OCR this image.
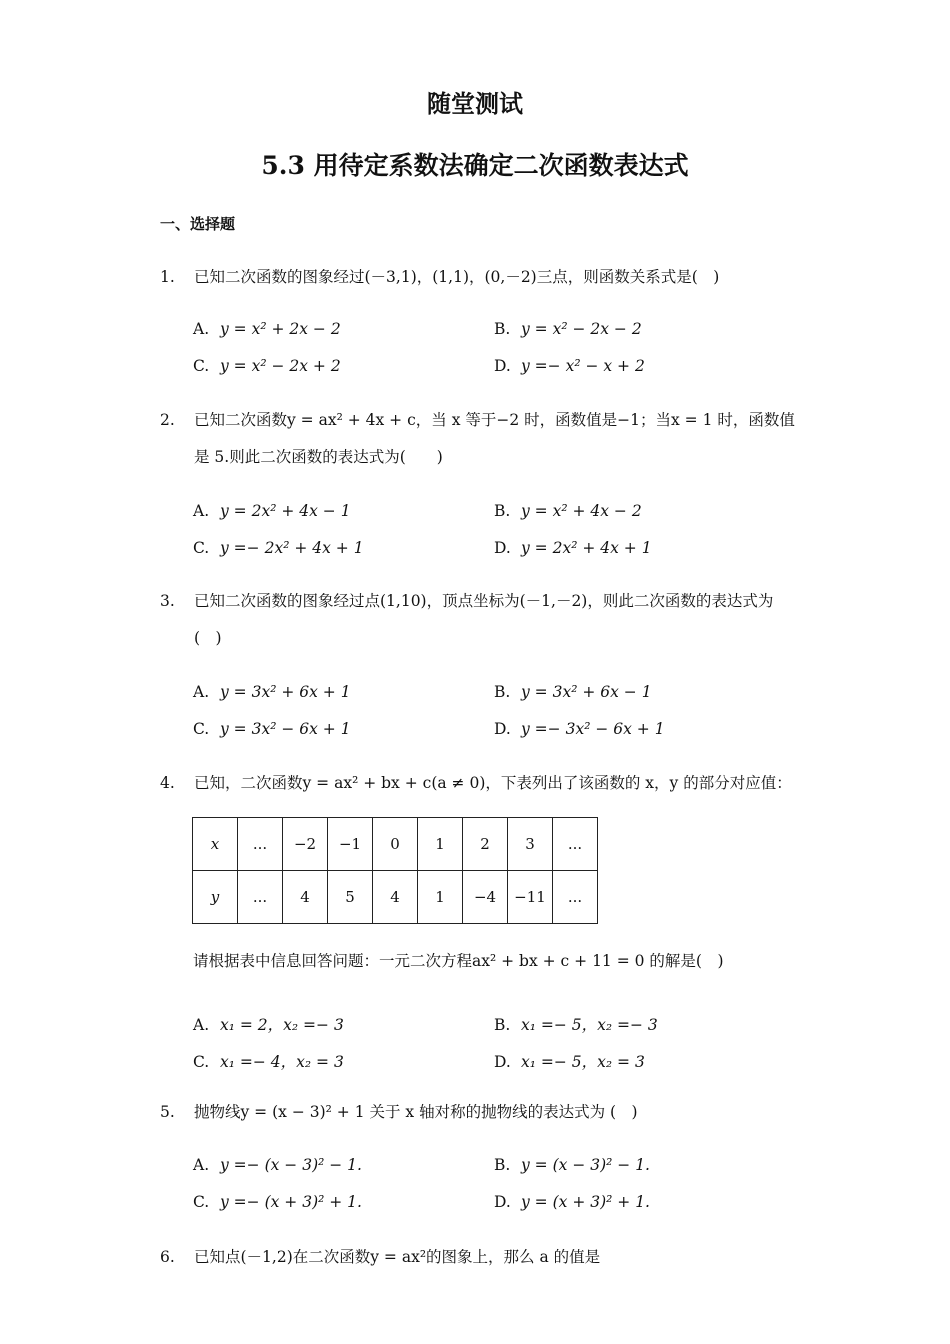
随堂测试
5.3 用待定系数法确定二次函数表达式
一、选择题
1. 已知二次函数的图象经过(－3,1)，(1,1)，(0,－2)三点，则函数关系式是(　)
A. y = x² + 2x − 2	B. y = x² − 2x − 2
C. y = x² − 2x + 2	D. y =− x² − x + 2
2. 已知二次函数y = ax² + 4x + c，当 x 等于−2 时，函数值是−1；当x = 1 时，函数值是 5.则此二次函数的表达式为(　　)
A. y = 2x² + 4x − 1	B. y = x² + 4x − 2
C. y =− 2x² + 4x + 1	D. y = 2x² + 4x + 1
3. 已知二次函数的图象经过点(1,10)，顶点坐标为(－1,－2)，则此二次函数的表达式为(　)
A. y = 3x² + 6x + 1	B. y = 3x² + 6x − 1
C. y = 3x² − 6x + 1	D. y =− 3x² − 6x + 1
4. 已知，二次函数y = ax² + bx + c(a ≠ 0)，下表列出了该函数的 x，y 的部分对应值：
x	...	−2	−1	0	1	2	3	...
y	...	4	5	4	1	−4	−11	...
请根据表中信息回答问题：一元二次方程ax² + bx + c + 11 = 0 的解是(　)
A. x₁ = 2，x₂ =− 3	B. x₁ =− 5，x₂ =− 3
C. x₁ =− 4，x₂ = 3	D. x₁ =− 5，x₂ = 3
5. 抛物线y = (x − 3)² + 1 关于 x 轴对称的抛物线的表达式为 (　)
A. y =− (x − 3)² − 1.	B. y = (x − 3)² − 1.
C. y =− (x + 3)² + 1.	D. y = (x + 3)² + 1.
6. 已知点(－1,2)在二次函数y = ax²的图象上，那么 a 的值是
